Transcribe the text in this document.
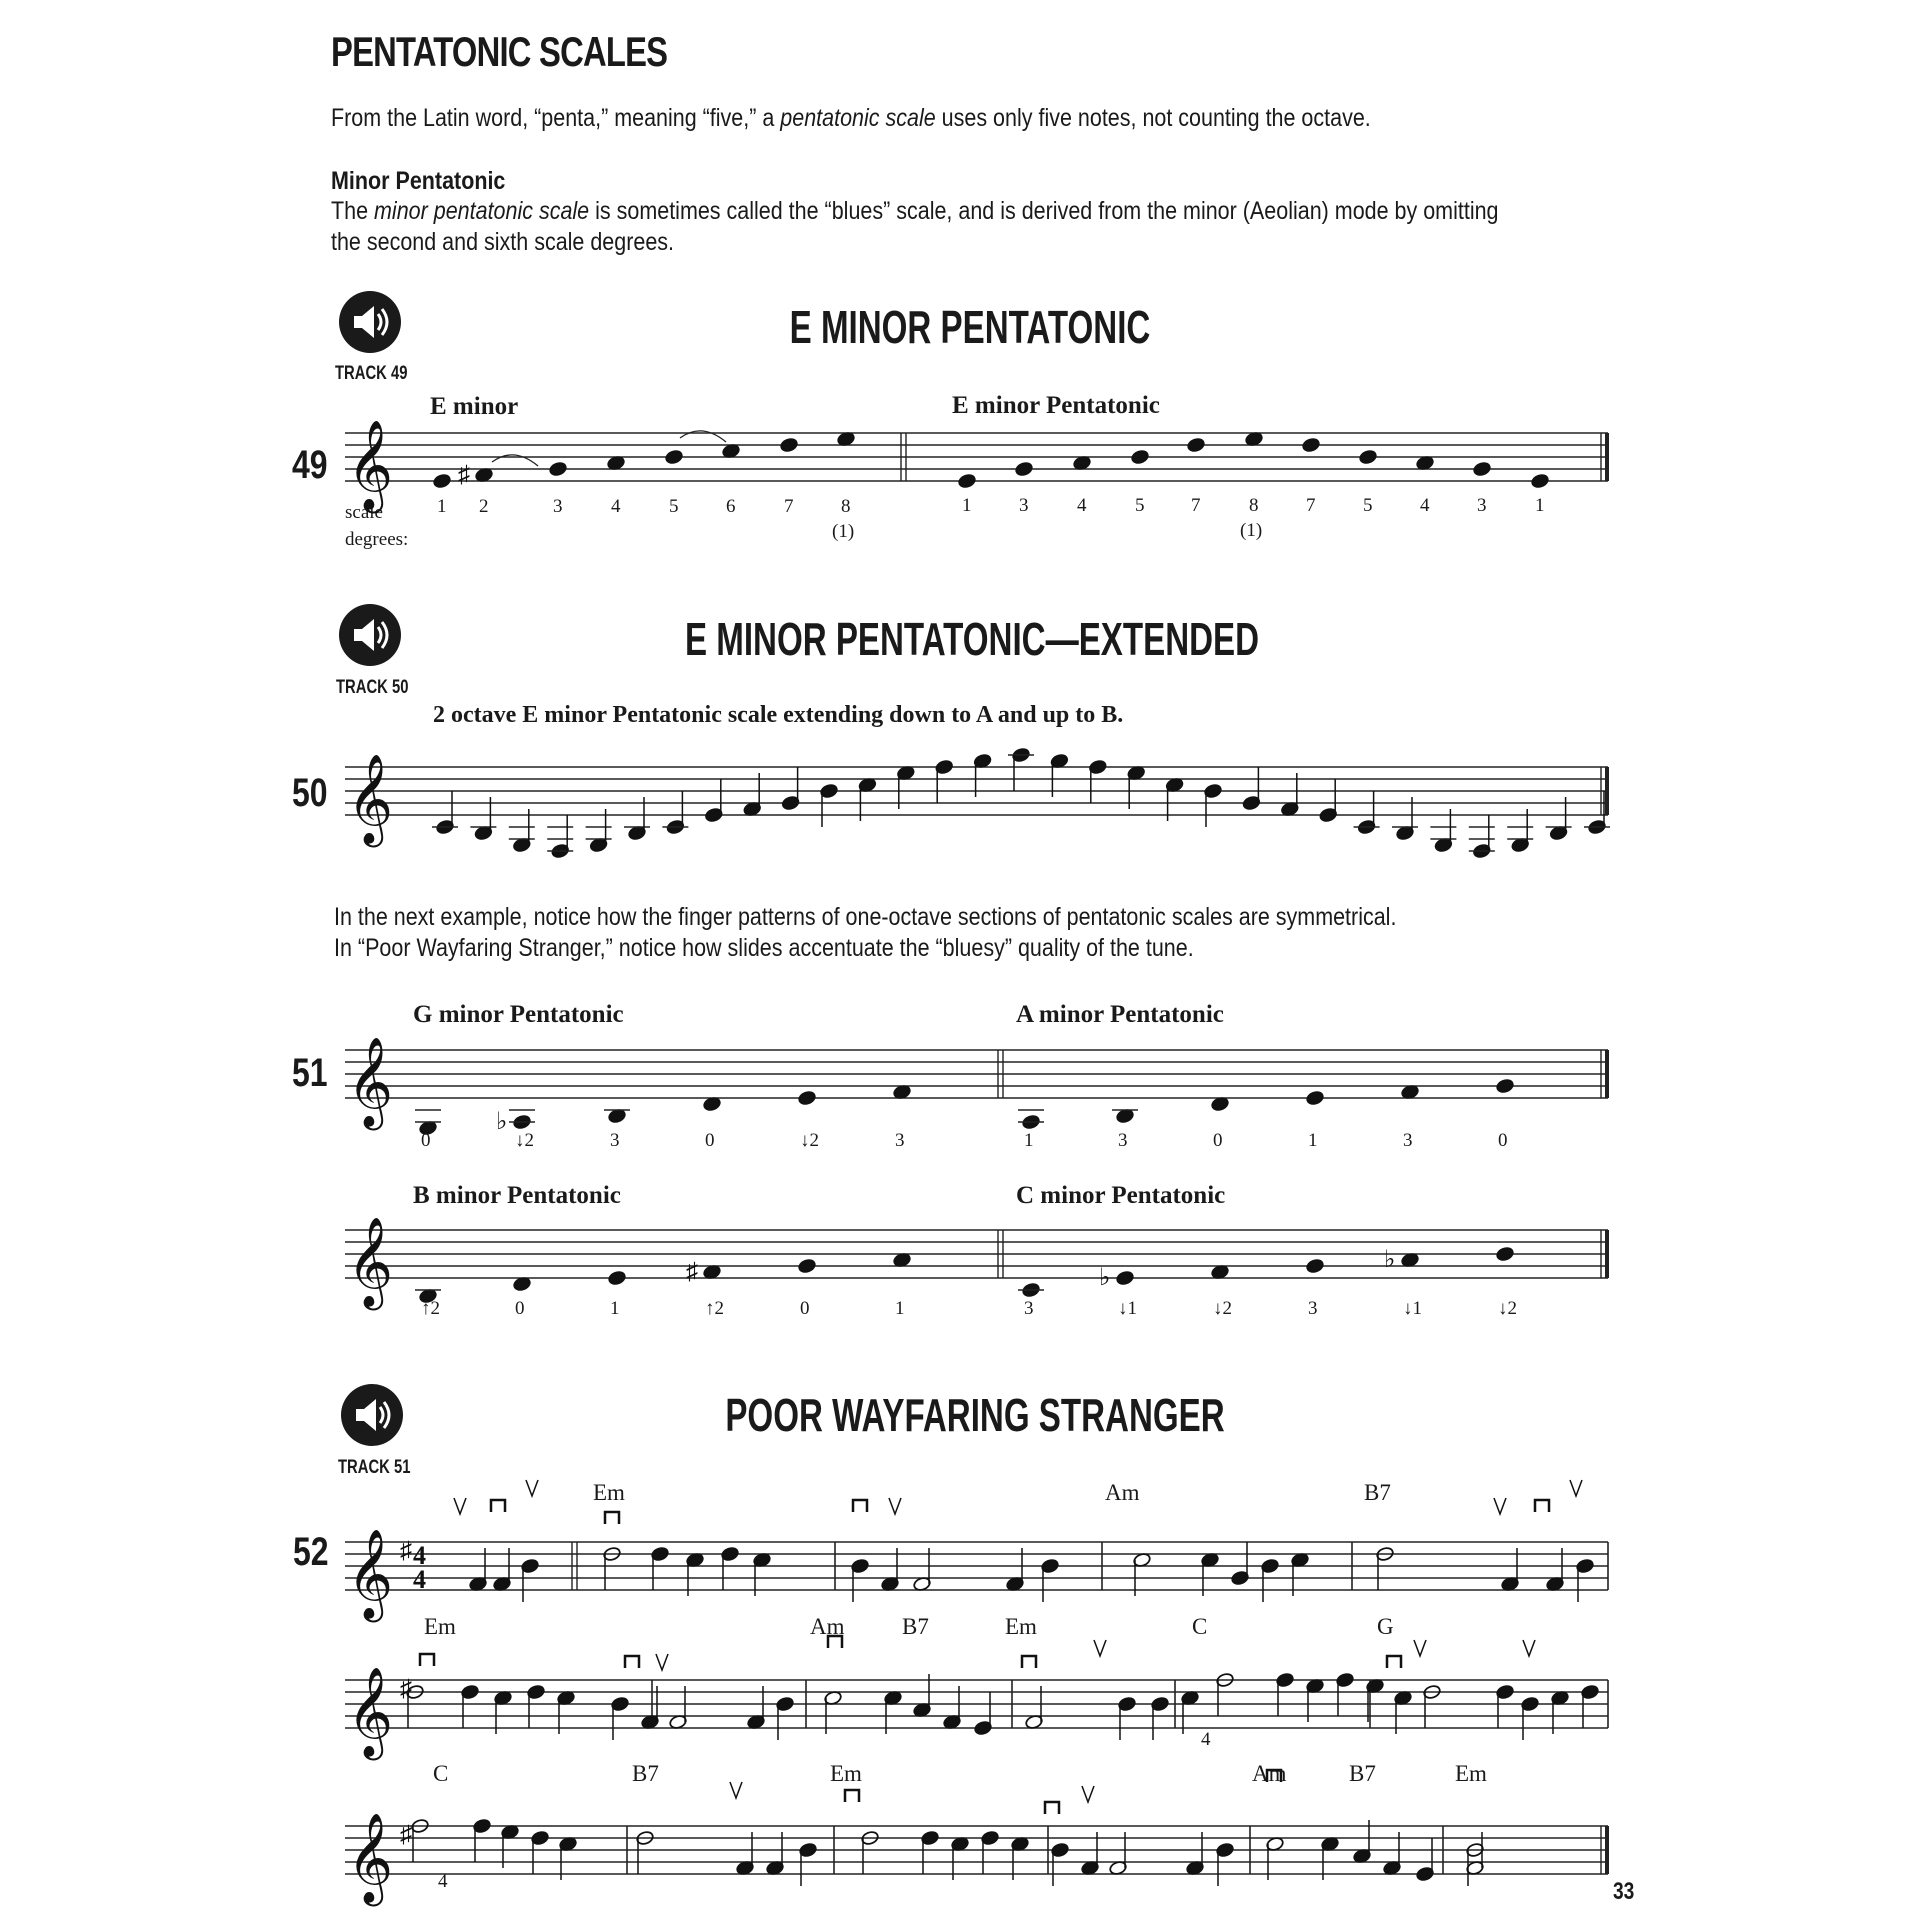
PENTATONIC SCALES
From the Latin word, “penta,” meaning “five,” a pentatonic scale uses only five notes, not counting the octave.
Minor Pentatonic
The minor pentatonic scale is sometimes called the “blues” scale, and is derived from the minor (Aeolian) mode by omitting
the second and sixth scale degrees.
TRACK 49
E MINOR PENTATONIC
49
E minor	E minor Pentatonic
scale
degrees:
𝄞	♯
𝄞
𝄞
𝄞
♭
♯	♭
♭
𝄞 ♯
𝄞 ♯
𝄞 ♯
4
4
1 2	3	4	5	6	7	8	1	3	4	5 7	8	7	5	4	3	1
(1)	(1)
TRACK 50
E MINOR PENTATONIC—EXTENDED
2 octave E minor Pentatonic scale extending down to A and up to B.
50
In the next example, notice how the finger patterns of one-octave sections of pentatonic scales are symmetrical.
In “Poor Wayfaring Stranger,” notice how slides accentuate the “bluesy” quality of the tune.
51
G minor Pentatonic	A minor Pentatonic
B minor Pentatonic	C minor Pentatonic
0	↓2	3	0	↓2	3	1	3	0	1	3	0
↑2	0	1	↑2	0	1	3	↓1	↓2	3	↓1	↓2
TRACK 51
POOR WAYFARING STRANGER
52
Em	Am	B7
Em	Am	B7	Em	C	G
C	B7	Em	Am	B7	Em
4
4	33
